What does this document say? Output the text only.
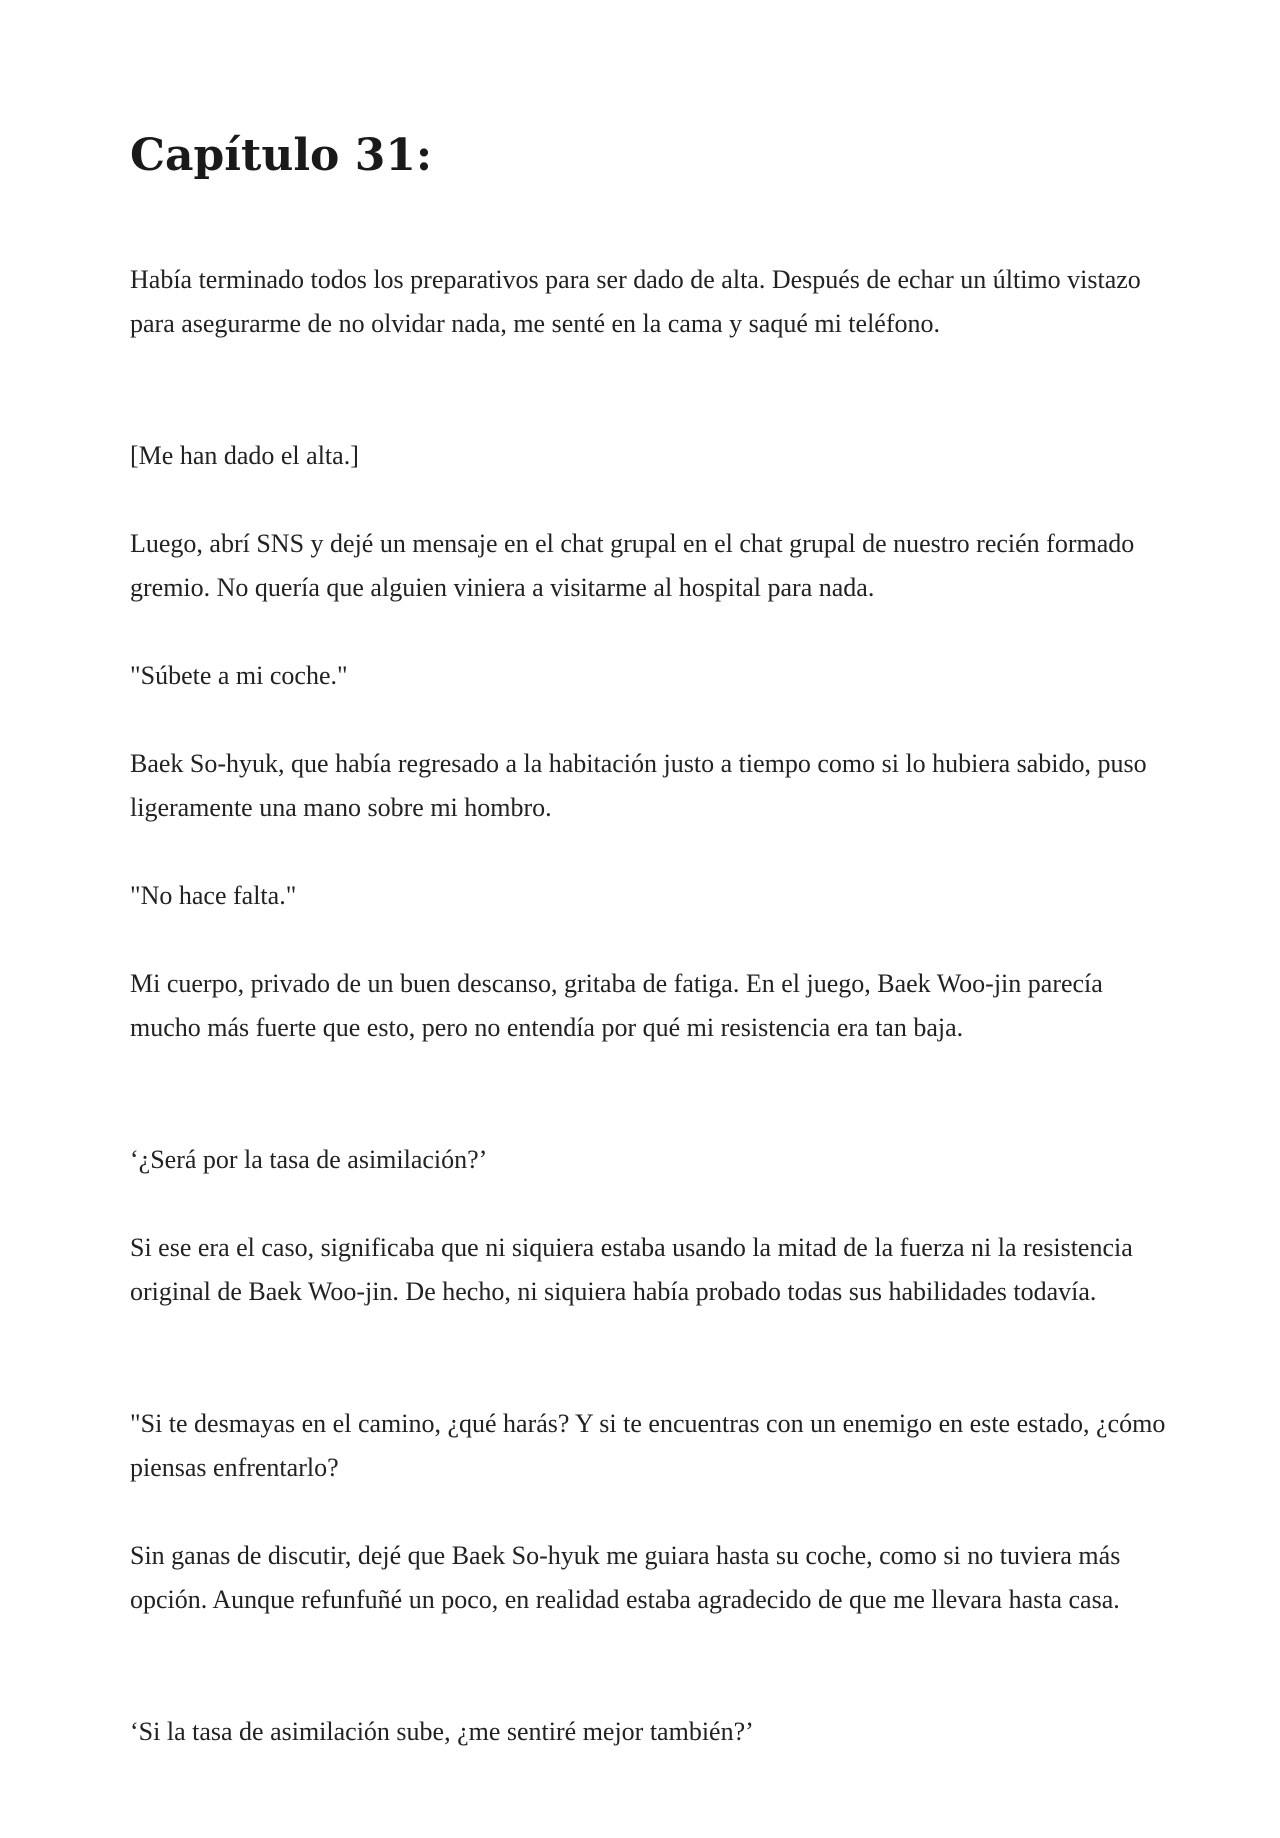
Capítulo 31:

Había terminado todos los preparativos para ser dado de alta. Después de echar un último vistazo para asegurarme de no olvidar nada, me senté en la cama y saqué mi teléfono.

[Me han dado el alta.]

Luego, abrí SNS y dejé un mensaje en el chat grupal en el chat grupal de nuestro recién formado gremio. No quería que alguien viniera a visitarme al hospital para nada.

"Súbete a mi coche."

Baek So-hyuk, que había regresado a la habitación justo a tiempo como si lo hubiera sabido, puso ligeramente una mano sobre mi hombro.

"No hace falta."

Mi cuerpo, privado de un buen descanso, gritaba de fatiga. En el juego, Baek Woo-jin parecía mucho más fuerte que esto, pero no entendía por qué mi resistencia era tan baja.

‘¿Será por la tasa de asimilación?’

Si ese era el caso, significaba que ni siquiera estaba usando la mitad de la fuerza ni la resistencia original de Baek Woo-jin. De hecho, ni siquiera había probado todas sus habilidades todavía.

"Si te desmayas en el camino, ¿qué harás? Y si te encuentras con un enemigo en este estado, ¿cómo piensas enfrentarlo?

Sin ganas de discutir, dejé que Baek So-hyuk me guiara hasta su coche, como si no tuviera más opción. Aunque refunfuñé un poco, en realidad estaba agradecido de que me llevara hasta casa.

‘Si la tasa de asimilación sube, ¿me sentiré mejor también?’
